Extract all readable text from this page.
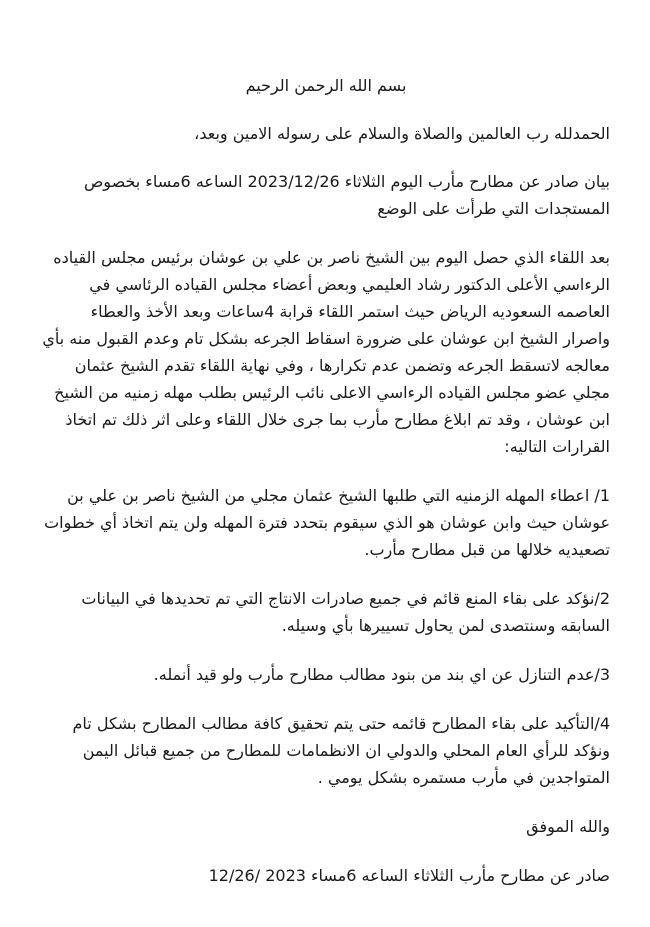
بسم الله الرحمن الرحيم

الحمدلله رب العالمين والصلاة والسلام على رسوله الامين وبعد،

بيان صادر عن مطارح مأرب اليوم الثلاثاء 2023/12/26 الساعه 6مساء بخصوص المستجدات التي طرأت على الوضع

بعد اللقاء الذي حصل اليوم بين الشيخ ناصر بن علي بن عوشان برئيس مجلس القياده الرءاسي الأعلى الدكتور رشاد العليمي وبعض أعضاء مجلس القياده الرئاسي في العاصمه السعوديه الرياض حيث استمر اللقاء قرابة 4ساعات وبعد الأخذ والعطاء واصرار الشيخ ابن عوشان على ضرورة اسقاط الجرعه بشكل تام وعدم القبول منه بأي معالجه لاتسقط الجرعه وتضمن عدم تكرارها ، وفي نهاية اللقاء تقدم الشيخ عثمان مجلي عضو مجلس القياده الرءاسي الاعلى نائب الرئيس بطلب مهله زمنيه من الشيخ ابن عوشان ، وقد تم ابلاغ مطارح مأرب بما جرى خلال اللقاء وعلى اثر ذلك تم اتخاذ القرارات التاليه:

1/ اعطاء المهله الزمنيه التي طلبها الشيخ عثمان مجلي من الشيخ ناصر بن علي بن عوشان حيث وابن عوشان هو الذي سيقوم بتحدد فترة المهله ولن يتم اتخاذ أي خطوات تصعيديه خلالها من قبل مطارح مأرب.

2/نؤكد على بقاء المنع قائم في جميع صادرات الانتاج التي تم تحديدها في البيانات السابقه وسنتصدى لمن يحاول تسييرها بأي وسيله.

3/عدم التنازل عن اي بند من بنود مطالب مطارح مأرب ولو قيد أنمله.

4/التأكيد على بقاء المطارح قائمه حتى يتم تحقيق كافة مطالب المطارح بشكل تام ونؤكد للرأي العام المحلي والدولي ان الانظمامات للمطارح من جميع قبائل اليمن المتواجدين في مأرب مستمره بشكل يومي .

والله الموفق

صادر عن مطارح مأرب الثلاثاء الساعه 6مساء 2023 /12/26
